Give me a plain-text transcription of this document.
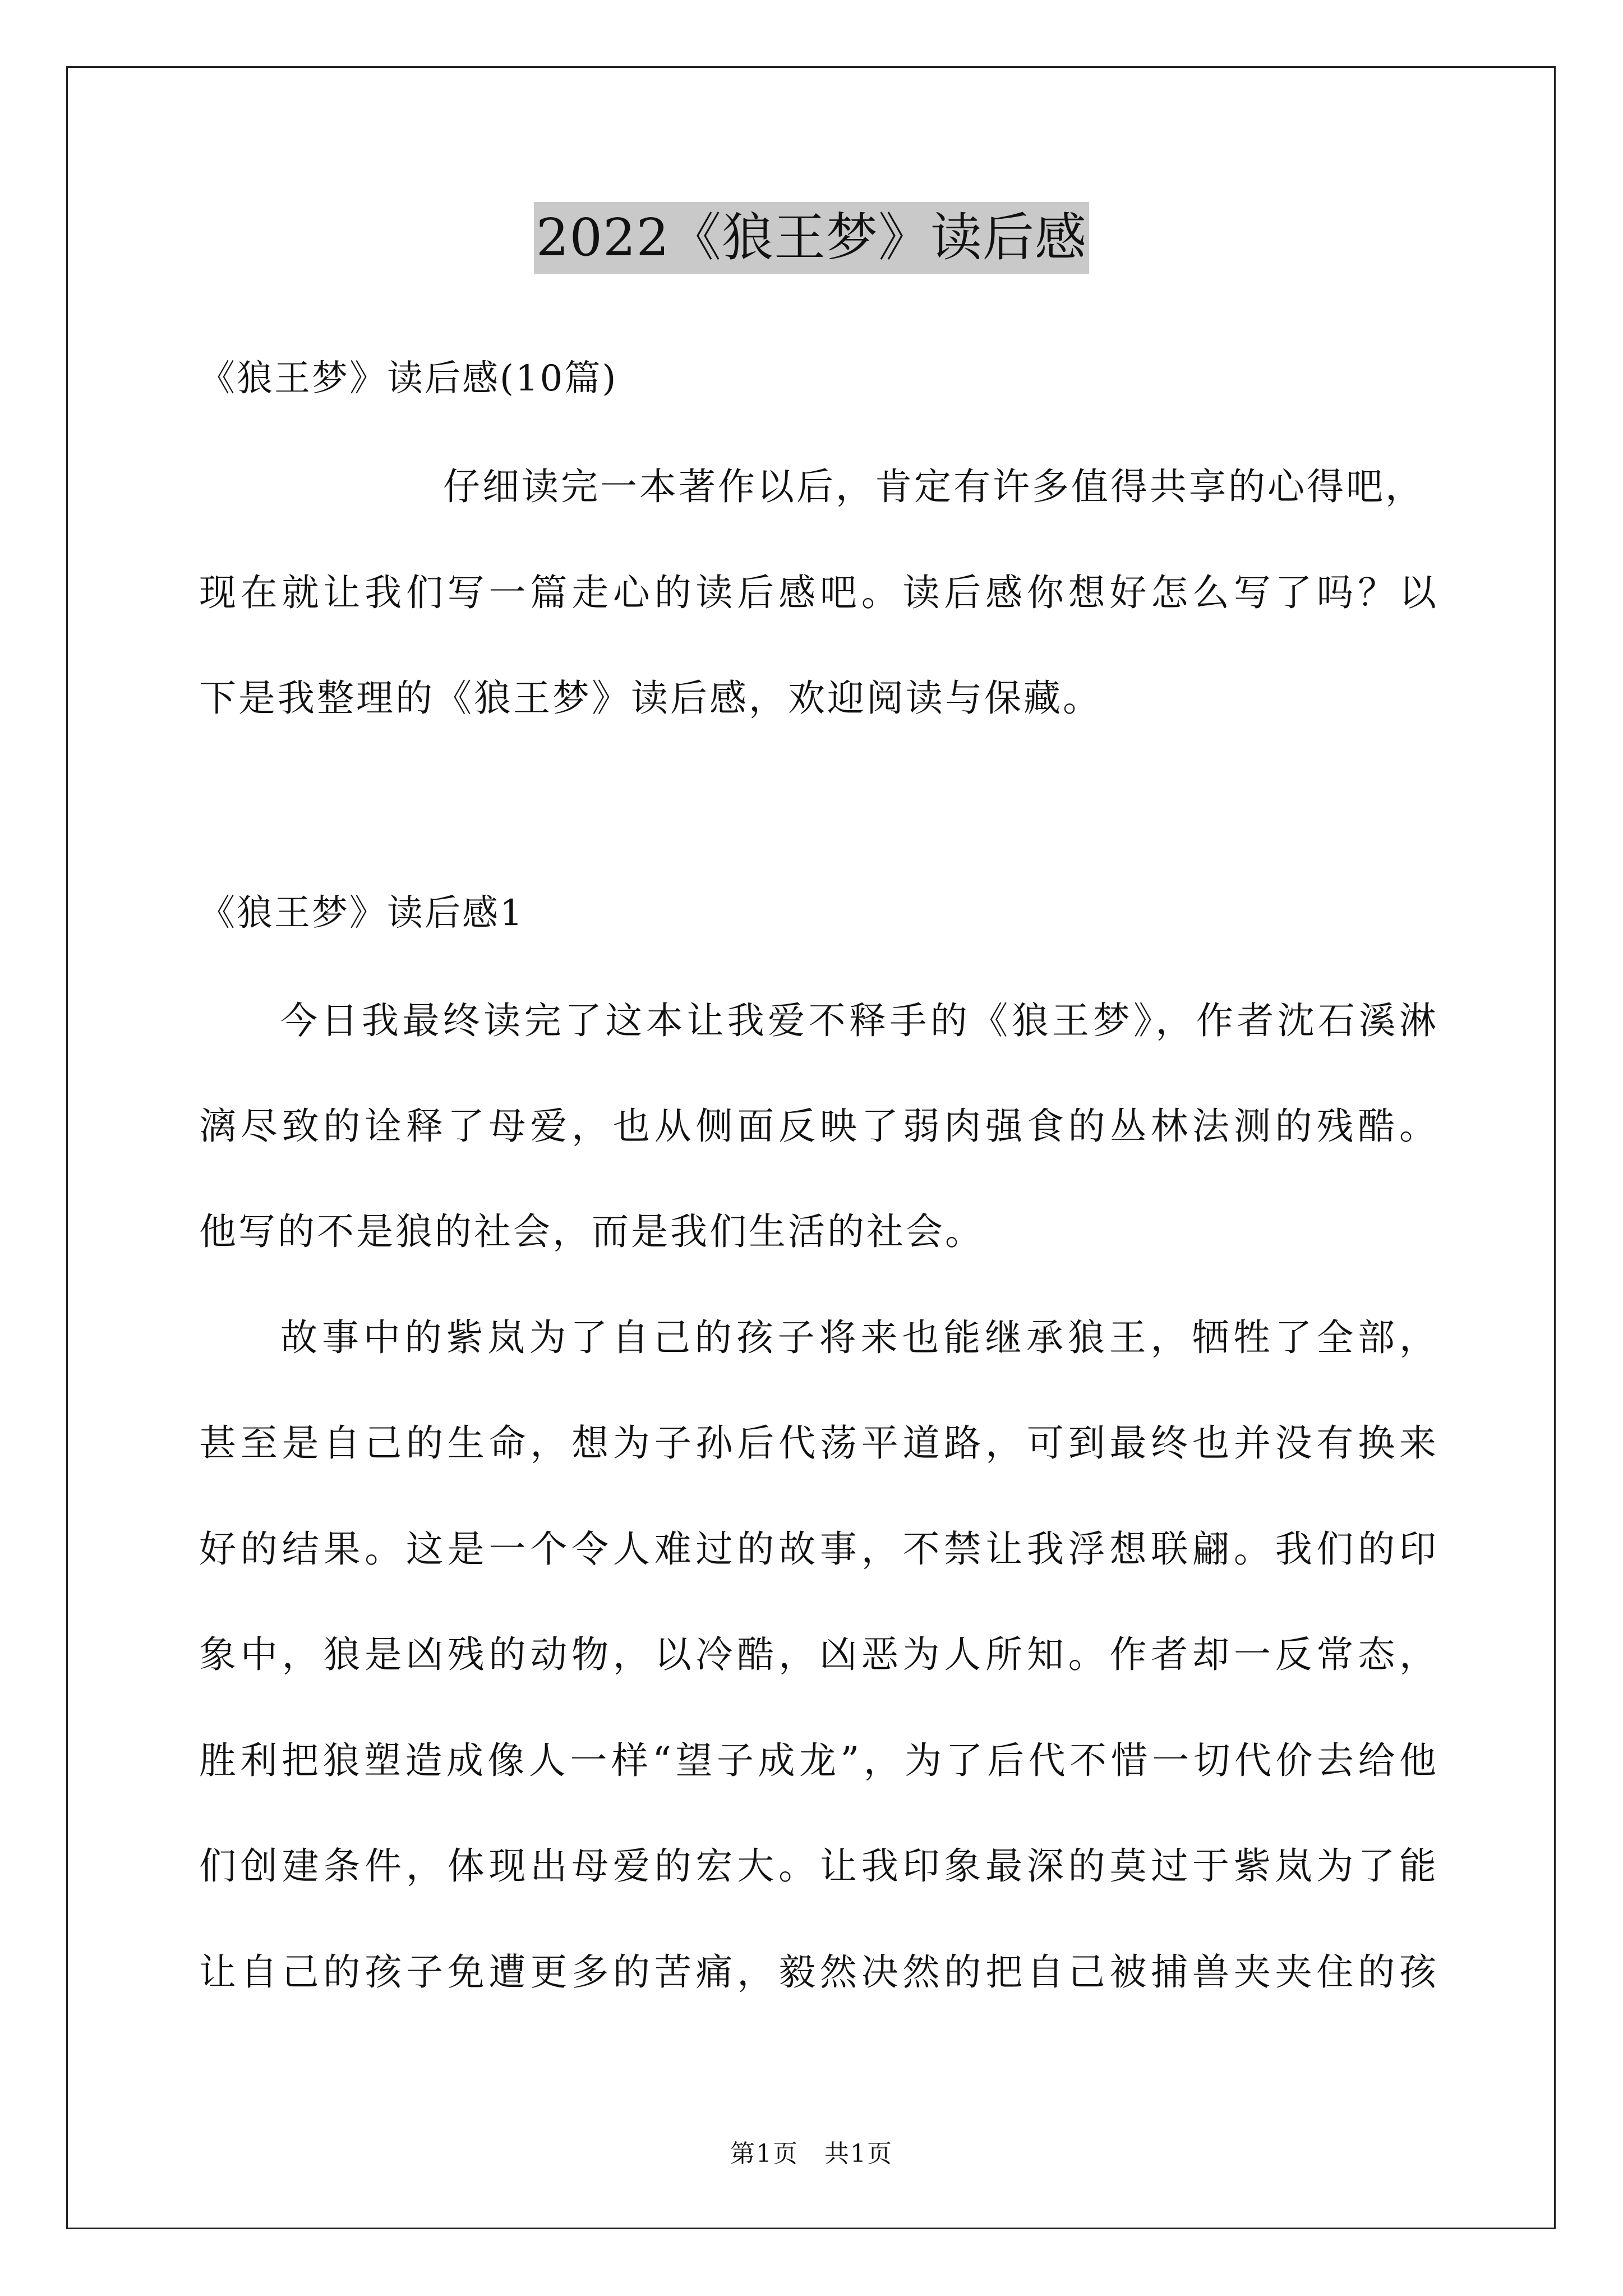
2022《狼王梦》读后感
《狼王梦》读后感(10篇)
仔细读完一本著作以后，肯定有许多值得共享的心得吧，
现在就让我们写一篇走心的读后感吧。读后感你想好怎么写了吗？以
下是我整理的《狼王梦》读后感，欢迎阅读与保藏。
《狼王梦》读后感1
今日我最终读完了这本让我爱不释手的《狼王梦》，作者沈石溪淋
漓尽致的诠释了母爱，也从侧面反映了弱肉强食的丛林法测的残酷。
他写的不是狼的社会，而是我们生活的社会。
故事中的紫岚为了自己的孩子将来也能继承狼王，牺牲了全部，
甚至是自己的生命，想为子孙后代荡平道路，可到最终也并没有换来
好的结果。这是一个令人难过的故事，不禁让我浮想联翩。我们的印
象中，狼是凶残的动物，以冷酷，凶恶为人所知。作者却一反常态，
胜利把狼塑造成像人一样“望子成龙”，为了后代不惜一切代价去给他
们创建条件，体现出母爱的宏大。让我印象最深的莫过于紫岚为了能
让自己的孩子免遭更多的苦痛，毅然决然的把自己被捕兽夹夹住的孩
第1页　共1页
